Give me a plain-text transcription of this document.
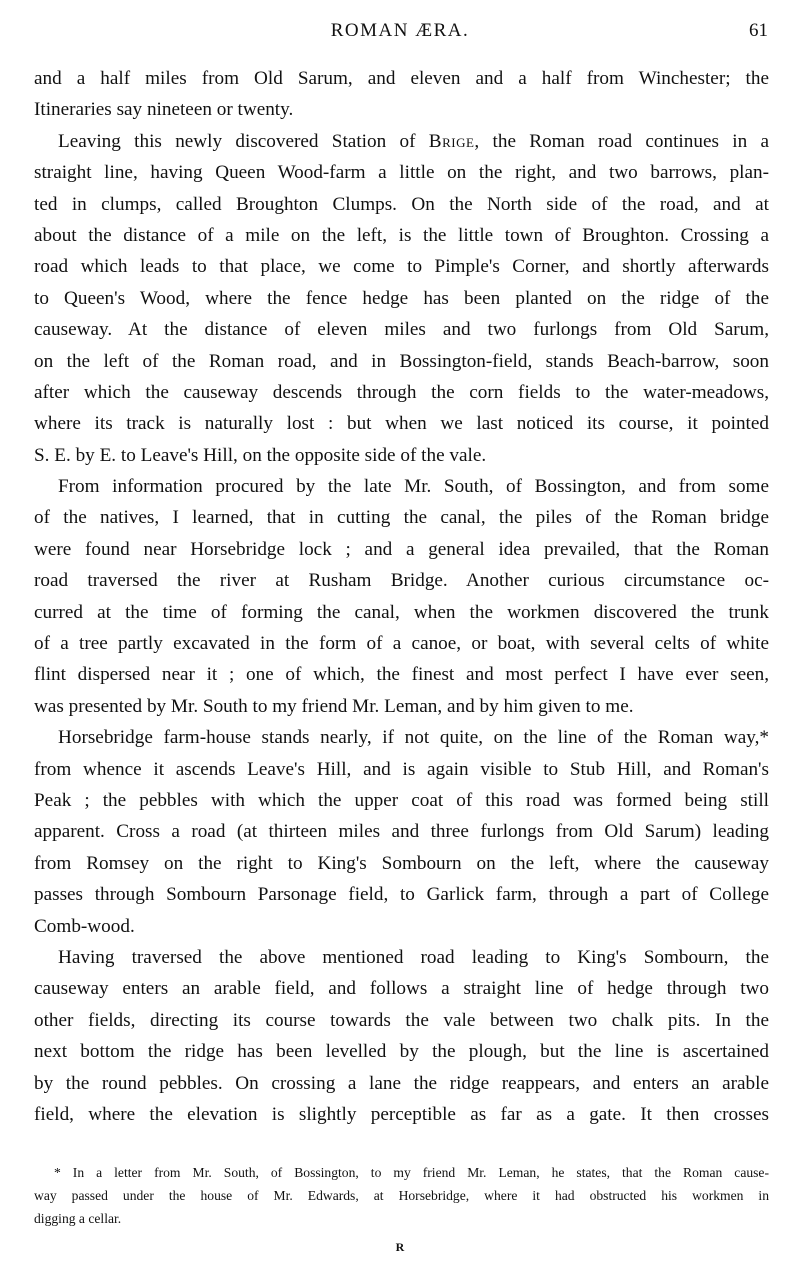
ROMAN ÆRA.	61
and a half miles from Old Sarum, and eleven and a half from Winchester; the
Itineraries say nineteen or twenty.
Leaving this newly discovered Station of Brige, the Roman road continues in a
straight line, having Queen Wood-farm a little on the right, and two barrows, plan-
ted in clumps, called Broughton Clumps. On the North side of the road, and at
about the distance of a mile on the left, is the little town of Broughton. Crossing a
road which leads to that place, we come to Pimple's Corner, and shortly afterwards
to Queen's Wood, where the fence hedge has been planted on the ridge of the
causeway. At the distance of eleven miles and two furlongs from Old Sarum,
on the left of the Roman road, and in Bossington-field, stands Beach-barrow, soon
after which the causeway descends through the corn fields to the water-meadows,
where its track is naturally lost : but when we last noticed its course, it pointed
S. E. by E. to Leave's Hill, on the opposite side of the vale.
From information procured by the late Mr. South, of Bossington, and from some
of the natives, I learned, that in cutting the canal, the piles of the Roman bridge
were found near Horsebridge lock ; and a general idea prevailed, that the Roman
road traversed the river at Rusham Bridge. Another curious circumstance oc-
curred at the time of forming the canal, when the workmen discovered the trunk
of a tree partly excavated in the form of a canoe, or boat, with several celts of white
flint dispersed near it ; one of which, the finest and most perfect I have ever seen,
was presented by Mr. South to my friend Mr. Leman, and by him given to me.
Horsebridge farm-house stands nearly, if not quite, on the line of the Roman way,*
from whence it ascends Leave's Hill, and is again visible to Stub Hill, and Roman's
Peak ; the pebbles with which the upper coat of this road was formed being still
apparent. Cross a road (at thirteen miles and three furlongs from Old Sarum) leading
from Romsey on the right to King's Sombourn on the left, where the causeway
passes through Sombourn Parsonage field, to Garlick farm, through a part of College
Comb-wood.
Having traversed the above mentioned road leading to King's Sombourn, the
causeway enters an arable field, and follows a straight line of hedge through two
other fields, directing its course towards the vale between two chalk pits. In the
next bottom the ridge has been levelled by the plough, but the line is ascertained
by the round pebbles. On crossing a lane the ridge reappears, and enters an arable
field, where the elevation is slightly perceptible as far as a gate. It then crosses
* In a letter from Mr. South, of Bossington, to my friend Mr. Leman, he states, that the Roman cause-
way passed under the house of Mr. Edwards, at Horsebridge, where it had obstructed his workmen in
digging a cellar.
R
